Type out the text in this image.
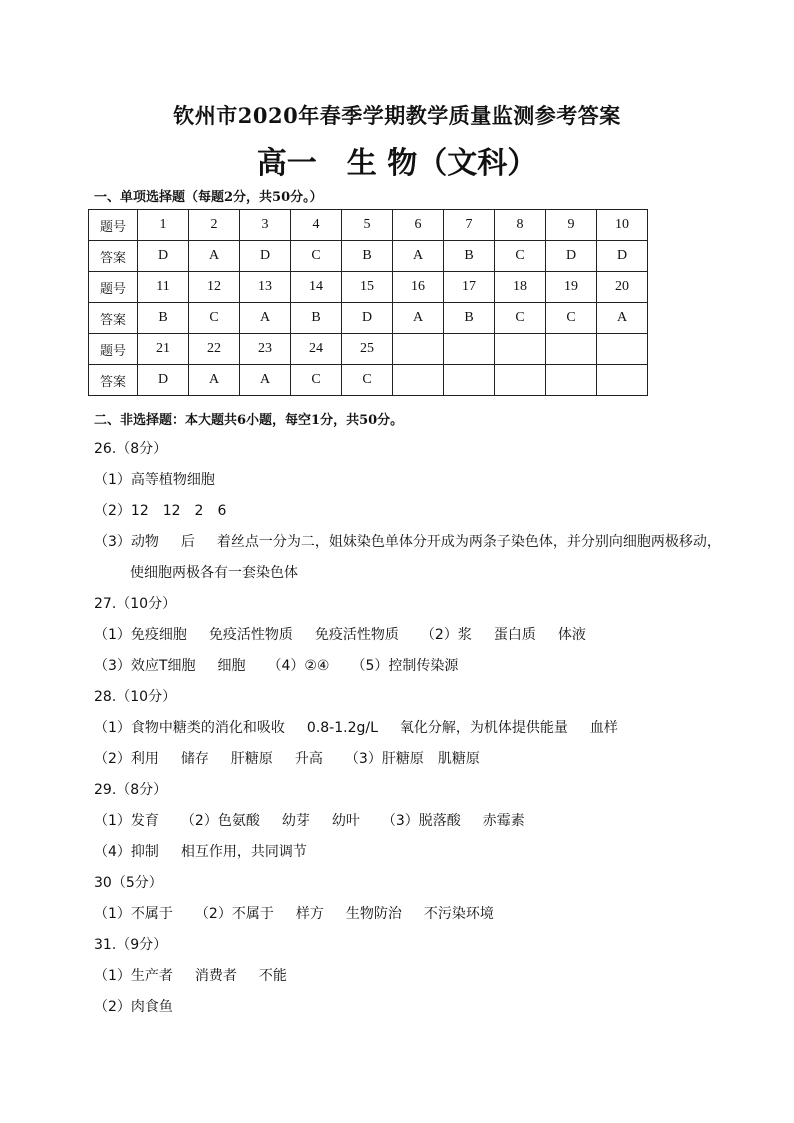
钦州市2020年春季学期教学质量监测参考答案
高一　生 物（文科）
一、单项选择题（每题2分，共50分。）
题号	1	2	3	4	5	6	7	8	9	10
答案	D	A	D	C	B	A	B	C	D	D
题号	11	12	13	14	15	16	17	18	19	20
答案	B	C	A	B	D	A	B	C	C	A
题号	21	22	23	24	25					
答案	D	A	A	C	C					
二、非选择题：本大题共6小题，每空1分，共50分。
26.（8分）
（1）高等植物细胞
（2）12　12　2　6
（3）动物 后 着丝点一分为二，姐妹染色单体分开成为两条子染色体，并分别向细胞两极移动，
使细胞两极各有一套染色体
27.（10分）
（1）免疫细胞 免疫活性物质 免疫活性物质 （2）浆 蛋白质 体液
（3）效应T细胞 细胞 （4）②④ （5）控制传染源
28.（10分）
（1）食物中糖类的消化和吸收 0.8-1.2g/L 氧化分解，为机体提供能量 血样
（2）利用 储存 肝糖原 升高 （3）肝糖原　肌糖原
29.（8分）
（1）发育 （2）色氨酸 幼芽 幼叶 （3）脱落酸 赤霉素
（4）抑制 相互作用，共同调节
30（5分）
（1）不属于 （2）不属于 样方 生物防治 不污染环境
31.（9分）
（1）生产者 消费者 不能
（2）肉食鱼
